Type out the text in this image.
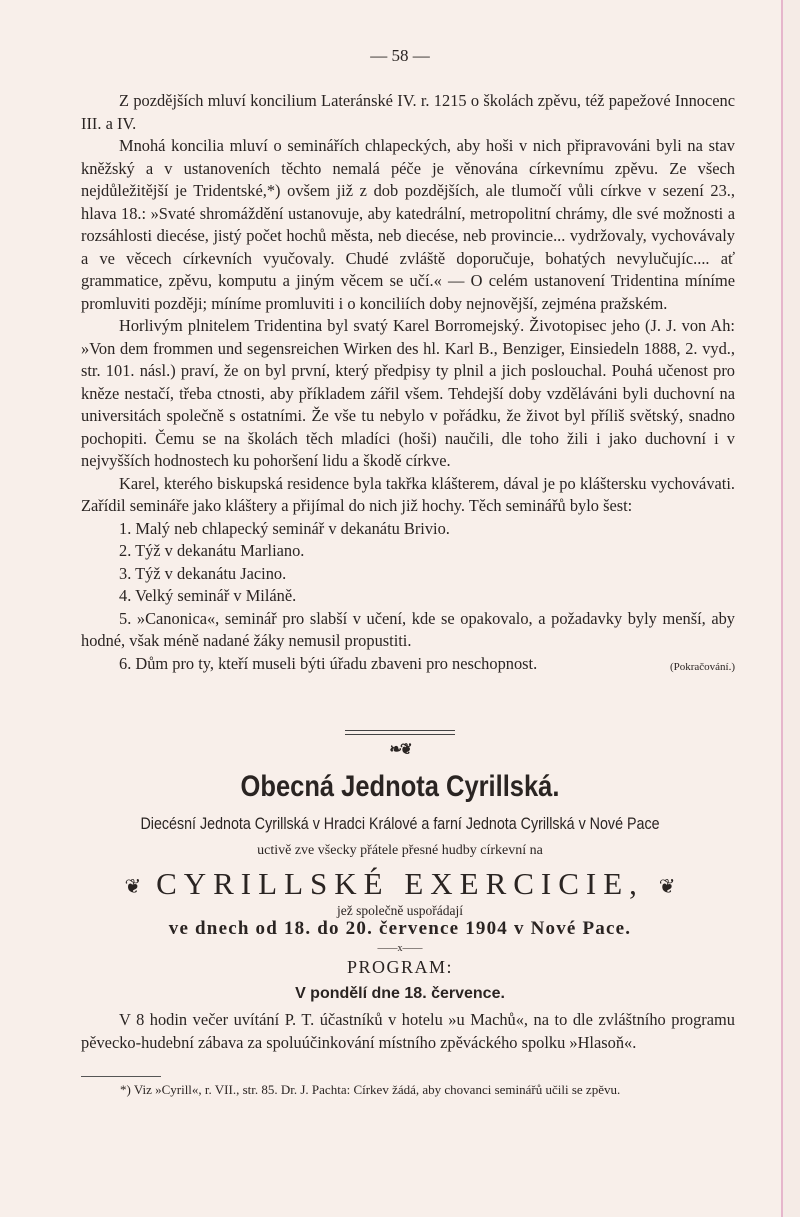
— 58 —

Z pozdějších mluví koncilium Lateránské IV. r. 1215 o školách zpěvu, též papežové Innocenc III. a IV.

Mnohá koncilia mluví o seminářích chlapeckých, aby hoši v nich připravováni byli na stav kněžský a v ustanoveních těchto nemalá péče je věnována církevnímu zpěvu. Ze všech nejdůležitější je Tridentské,*) ovšem již z dob pozdějších, ale tlumočí vůli církve v sezení 23., hlava 18.: »Svaté shromáždění ustanovuje, aby katedrální, metropolitní chrámy, dle své možnosti a rozsáhlosti diecése, jistý počet hochů města, neb diecése, neb provincie... vydržovaly, vychovávaly a ve věcech církevních vyučovaly. Chudé zvláště doporučuje, bohatých nevylučujíc.... ať grammatice, zpěvu, komputu a jiným věcem se učí.« — O celém ustanovení Tridentina míníme promluviti později; míníme promluviti i o konciliích doby nejnovější, zejména pražském.

Horlivým plnitelem Tridentina byl svatý Karel Borromejský. Životopisec jeho (J. J. von Ah: »Von dem frommen und segensreichen Wirken des hl. Karl B., Benziger, Einsiedeln 1888, 2. vyd., str. 101. násl.) praví, že on byl první, který předpisy ty plnil a jich poslouchal. Pouhá učenost pro kněze nestačí, třeba ctnosti, aby příkladem zářil všem. Tehdejší doby vzděláváni byli duchovní na universitách společně s ostatními. Že vše tu nebylo v pořádku, že život byl příliš světský, snadno pochopiti. Čemu se na školách těch mladíci (hoši) naučili, dle toho žili i jako duchovní i v nejvyšších hodnostech ku pohoršení lidu a škodě církve.

Karel, kterého biskupská residence byla takřka klášterem, dával je po kláštersku vychovávati. Zařídil semináře jako kláštery a přijímal do nich již hochy. Těch seminářů bylo šest:

1. Malý neb chlapecký seminář v dekanátu Brivio.

2. Týž v dekanátu Marliano.

3. Týž v dekanátu Jacino.

4. Velký seminář v Miláně.

5. »Canonica«, seminář pro slabší v učení, kde se opakovalo, a požadavky byly menší, aby hodné, však méně nadané žáky nemusil propustiti.

6. Dům pro ty, kteří museli býti úřadu zbaveni pro neschopnost.	(Pokračování.)

❧❦
Obecná Jednota Cyrillská.
Diecésní Jednota Cyrillská v Hradci Králové a farní Jednota Cyrillská v Nové Pace
uctivě zve všecky přátele přesné hudby církevní na
❦ CYRILLSKÉ EXERCICIE, ❦
jež společně uspořádají
ve dnech od 18. do 20. července 1904 v Nové Pace.
——x——
PROGRAM:
V pondělí dne 18. července.

V 8 hodin večer uvítání P. T. účastníků v hotelu »u Machů«, na to dle zvláštního programu pěvecko-hudební zábava za spoluúčinkování místního zpěváckého spolku »Hlasoň«.

*) Viz »Cyrill«, r. VII., str. 85. Dr. J. Pachta: Církev žádá, aby chovanci seminářů učili se zpěvu.
